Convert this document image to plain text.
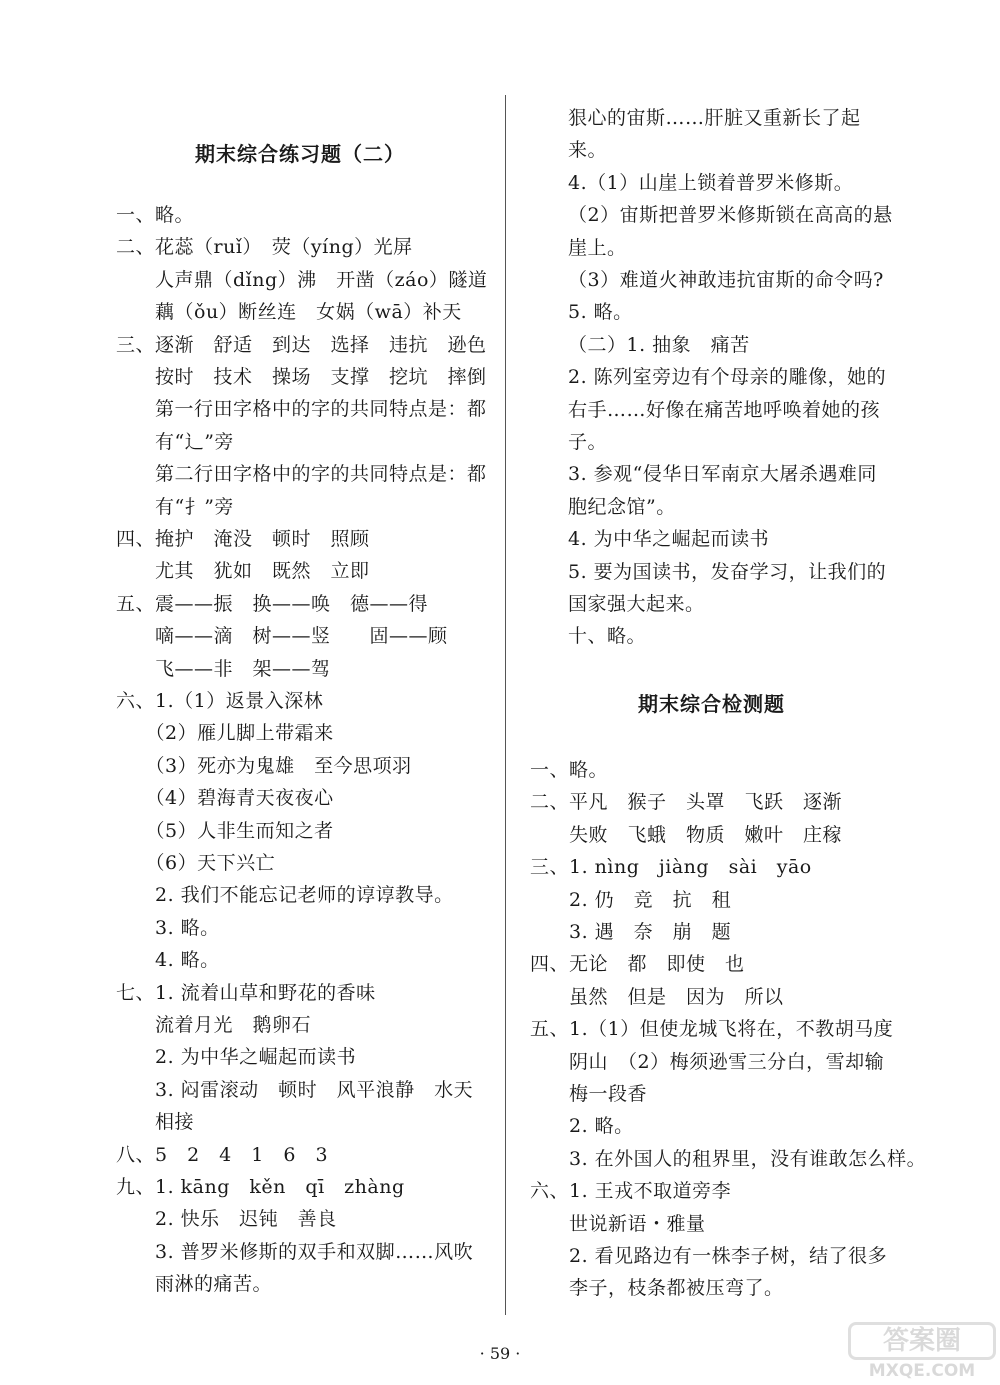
期末综合练习题（二）
一、略。
二、花蕊（ruǐ）　荧（yíng）光屏
　　人声鼎（dǐng）沸　开凿（záo）隧道
　　藕（ǒu）断丝连　女娲（wā）补天
三、逐渐　舒适　到达　选择　违抗　逊色
　　按时　技术　操场　支撑　挖坑　摔倒
　　第一行田字格中的字的共同特点是：都
　　有“辶”旁
　　第二行田字格中的字的共同特点是：都
　　有“扌”旁
四、掩护　淹没　顿时　照顾
　　尤其　犹如　既然　立即
五、震——振　换——唤　德——得
　　嘀——滴　树——竖　　固——顾
　　飞——非　架——驾
六、1.（1）返景入深林
　　（2）雁儿脚上带霜来
　　（3）死亦为鬼雄　至今思项羽
　　（4）碧海青天夜夜心
　　（5）人非生而知之者
　　（6）天下兴亡
　　2. 我们不能忘记老师的谆谆教导。
　　3. 略。
　　4. 略。
七、1. 流着山草和野花的香味
　　流着月光　鹅卵石
　　2. 为中华之崛起而读书
　　3. 闷雷滚动　顿时　风平浪静　水天
　　相接
八、5　2　4　1　6　3
九、1. kāng　kěn　qī　zhàng
　　2. 快乐　迟钝　善良
　　3. 普罗米修斯的双手和双脚……风吹
　　雨淋的痛苦。
狠心的宙斯……肝脏又重新长了起
来。
4.（1）山崖上锁着普罗米修斯。
（2）宙斯把普罗米修斯锁在高高的悬
崖上。
（3）难道火神敢违抗宙斯的命令吗?
5. 略。
（二）1. 抽象　痛苦
2. 陈列室旁边有个母亲的雕像，她的
右手……好像在痛苦地呼唤着她的孩
子。
3. 参观“侵华日军南京大屠杀遇难同
胞纪念馆”。
4. 为中华之崛起而读书
5. 要为国读书，发奋学习，让我们的
国家强大起来。
十、略。
期末综合检测题
一、略。
二、平凡　猴子　头罩　飞跃　逐渐
　　失败　飞蛾　物质　嫩叶　庄稼
三、1. nìng　jiàng　sài　yāo
　　2. 仍　竞　抗　租
　　3. 遇　奈　崩　题
四、无论　都　即使　也
　　虽然　但是　因为　所以
五、1.（1）但使龙城飞将在，不教胡马度
　　阴山　（2）梅须逊雪三分白，雪却输
　　梅一段香
　　2. 略。
　　3. 在外国人的租界里，没有谁敢怎么样。
六、1. 王戎不取道旁李
　　世说新语・雅量
　　2. 看见路边有一株李子树，结了很多
　　李子，枝条都被压弯了。
· 59 ·	答案圈
MXQE.COM
